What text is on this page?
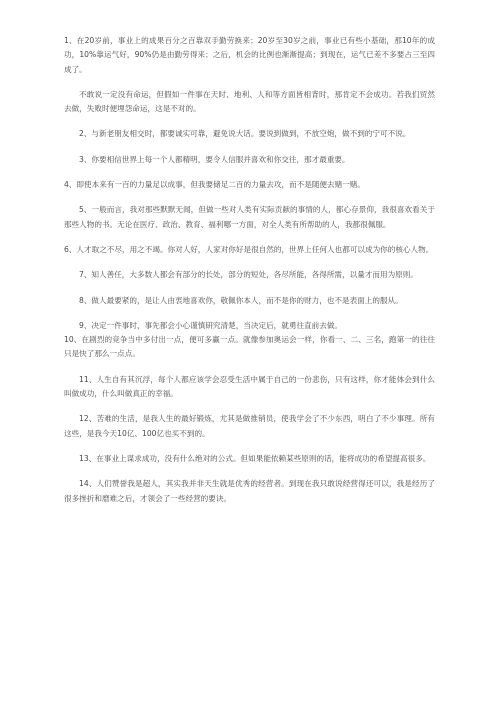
1、在20岁前，事业上的成果百分之百靠双手勤劳换来；20岁至30岁之前，事业已有些小基础，那10年的成功，10%靠运气好，90%仍是由勤劳得来；之后，机会的比例也渐渐提高；到现在，运气已差不多要占三至四成了。

不敢说一定没有命运，但假如一件事在天时、地利、人和等方面皆相背时，那肯定不会成功。若我们贸然去做，失败时便埋怨命运，这是不对的。

2、与新老朋友相交时，都要诚实可靠，避免说大话。要说到做到，不放空炮，做不到的宁可不说。

3、你要相信世界上每一个人都精明，要令人信服并喜欢和你交往，那才最重要。

4、即使本来有一百的力量足以成事，但我要储足二百的力量去攻，而不是随便去赌一赌。

5、一般而言，我对那些默默无闻，但做一些对人类有实际贡献的事情的人，都心存景仰，我很喜欢看关于那些人物的书。无论在医疗、政治、教育、福利哪一方面，对全人类有所帮助的人，我都很佩服。

6、人才取之不尽，用之不竭。你对人好，人家对你好是很自然的，世界上任何人也都可以成为你的核心人物。

7、知人善任，大多数人都会有部分的长处，部分的短处，各尽所能，各得所需，以量才而用为原则。

8、做人最要紧的，是让人由衷地喜欢你，敬佩你本人，而不是你的财力，也不是表面上的服从。

9、决定一件事时，事先都会小心谨慎研究清楚，当决定后，就勇往直前去做。

10、在剧烈的竞争当中多付出一点，便可多赢一点。就像参加奥运会一样，你看一、二、三名，跑第一的往往只是快了那么一点点。

11、人生自有其沉浮，每个人都应该学会忍受生活中属于自己的一份悲伤，只有这样，你才能体会到什么叫做成功，什么叫做真正的幸福。

12、苦难的生活，是我人生的最好锻炼，尤其是做推销员，使我学会了不少东西，明白了不少事理。所有这些，是我今天10亿、100亿也买不到的。

13、在事业上谋求成功，没有什么绝对的公式。但如果能依赖某些原则的话，能将成功的希望提高很多。

14、人们赞誉我是超人，其实我并非天生就是优秀的经营者。到现在我只敢说经营得还可以，我是经历了很多挫折和磨难之后，才领会了一些经营的要诀。
